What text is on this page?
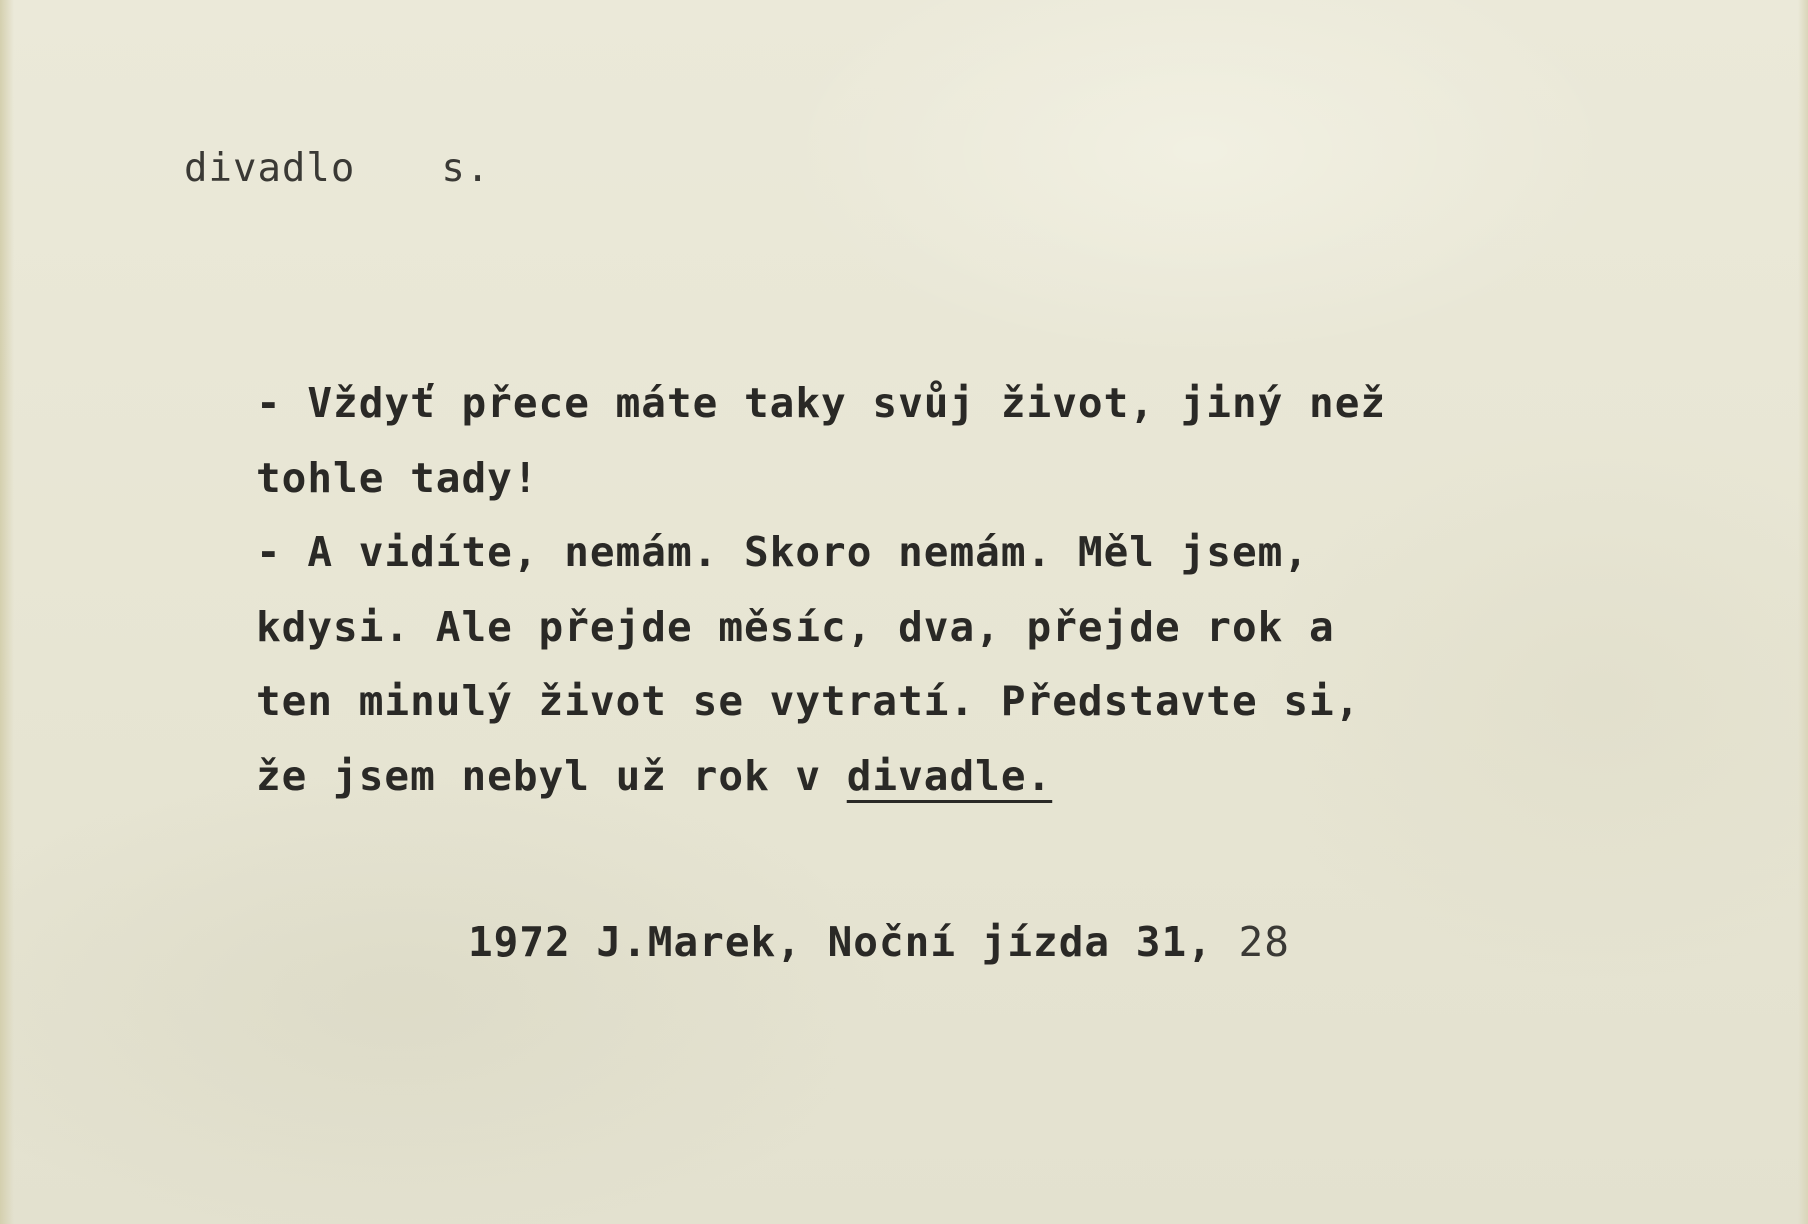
divadlo s.
- Vždyť přece máte taky svůj život, jiný než
tohle tady!
- A vidíte, nemám. Skoro nemám. Měl jsem,
kdysi. Ale přejde měsíc, dva, přejde rok a
ten minulý život se vytratí. Představte si,
že jsem nebyl už rok v divadle.
1972 J.Marek, Noční jízda 31, 28
